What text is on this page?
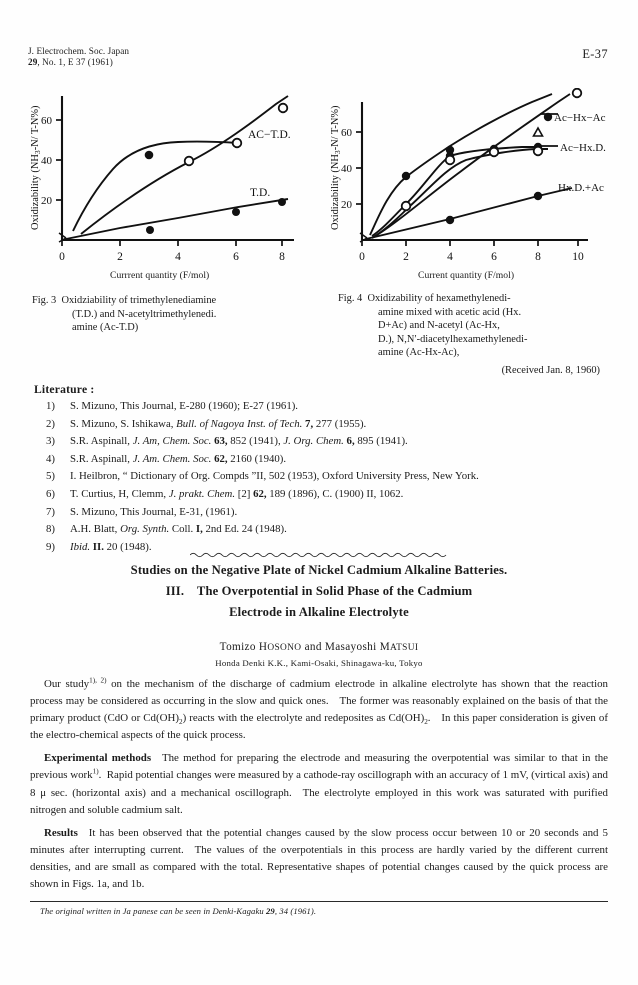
J. Electrochem. Soc. Japan
29, No. 1, E 37 (1961)
E-37
60
40
20
0	2	4	6	8
AC−T.D.
T.D.
Oxidizability (NH3-N/ T-N%)
Currrent quantity (F/mol)
60
40
20
0	2	4	6	8	10
Ac−Hx−Ac
Ac−Hx.D.
Hx.D.+Ac
Oxidizability (NH3-N/ T-N%)
Current quantity (F/mol)
Fig. 3  Oxidziability of trimethylenediamine
(T.D.) and N-acetyltrimethylenedi.
amine (Ac-T.D)
Fig. 4  Oxidizability of hexamethylenedi-
amine mixed with acetic acid (Hx.
D+Ac) and N-acetyl (Ac-Hx,
D.), N,N′-diacetylhexamethylenedi-
amine (Ac-Hx-Ac),
(Received Jan. 8, 1960)
Literature :
1)	S. Mizuno, This Journal, E-280 (1960); E-27 (1961).
2)	S. Mizuno, S. Ishikawa, Bull. of Nagoya Inst. of Tech. 7, 277 (1955).
3)	S.R. Aspinall, J. Am, Chem. Soc. 63, 852 (1941), J. Org. Chem. 6, 895 (1941).
4)	S.R. Aspinall, J. Am. Chem. Soc. 62, 2160 (1940).
5)	I. Heilbron, “ Dictionary of Org. Compds ”II, 502 (1953), Oxford University Press, New York.
6)	T. Curtius, H, Clemm, J. prakt. Chem. [2] 62, 189 (1896), C. (1900) II, 1062.
7)	S. Mizuno, This Journal, E-31, (1961).
8)	A.H. Blatt, Org. Synth. Coll. I, 2nd Ed. 24 (1948).
9)	Ibid. II. 20 (1948).
Studies on the Negative Plate of Nickel Cadmium Alkaline Batteries.
III. The Overpotential in Solid Phase of the Cadmium
Electrode in Alkaline Electrolyte
Tomizo HOSONO and Masayoshi MATSUI
Honda Denki K.K., Kami-Osaki, Shinagawa-ku, Tokyo

Our study$^{1), 2)}$ on the mechanism of the discharge of cadmium electrode in alkaline electrolyte has shown that the reaction process may be considered as occurring in the slow and quick ones. The former was reasonably explained on the basis of that the primary product (CdO or $Cd(OH)_2$) reacts with the electrolyte and redeposites as $Cd(OH)_2$. In this paper consideration is given of the electro-chemical aspects of the quick process.

Experimental methods The method for preparing the electrode and measuring the overpotential was similar to that in the previous work$^{1)}$. Rapid potential changes were measured by a cathode-ray oscillograph with an accuracy of 1 mV, (virtical axis) and 8 μ sec. (horizontal axis) and a mechanical oscillograph. The electrolyte employed in this work was saturated with purified nitrogen and soluble cadmium salt.

Results It has been observed that the potential changes caused by the slow process occur between 10 or 20 seconds and 5 minutes after interrupting current. The values of the overpotentials in this process are hardly varied by the different current densities, and are small as compared with the total. Representative shapes of potential changes caused by the quick process are shown in Figs. 1a, and 1b.

The original written in Ja panese can be seen in Denki-Kagaku 29, 34 (1961).
